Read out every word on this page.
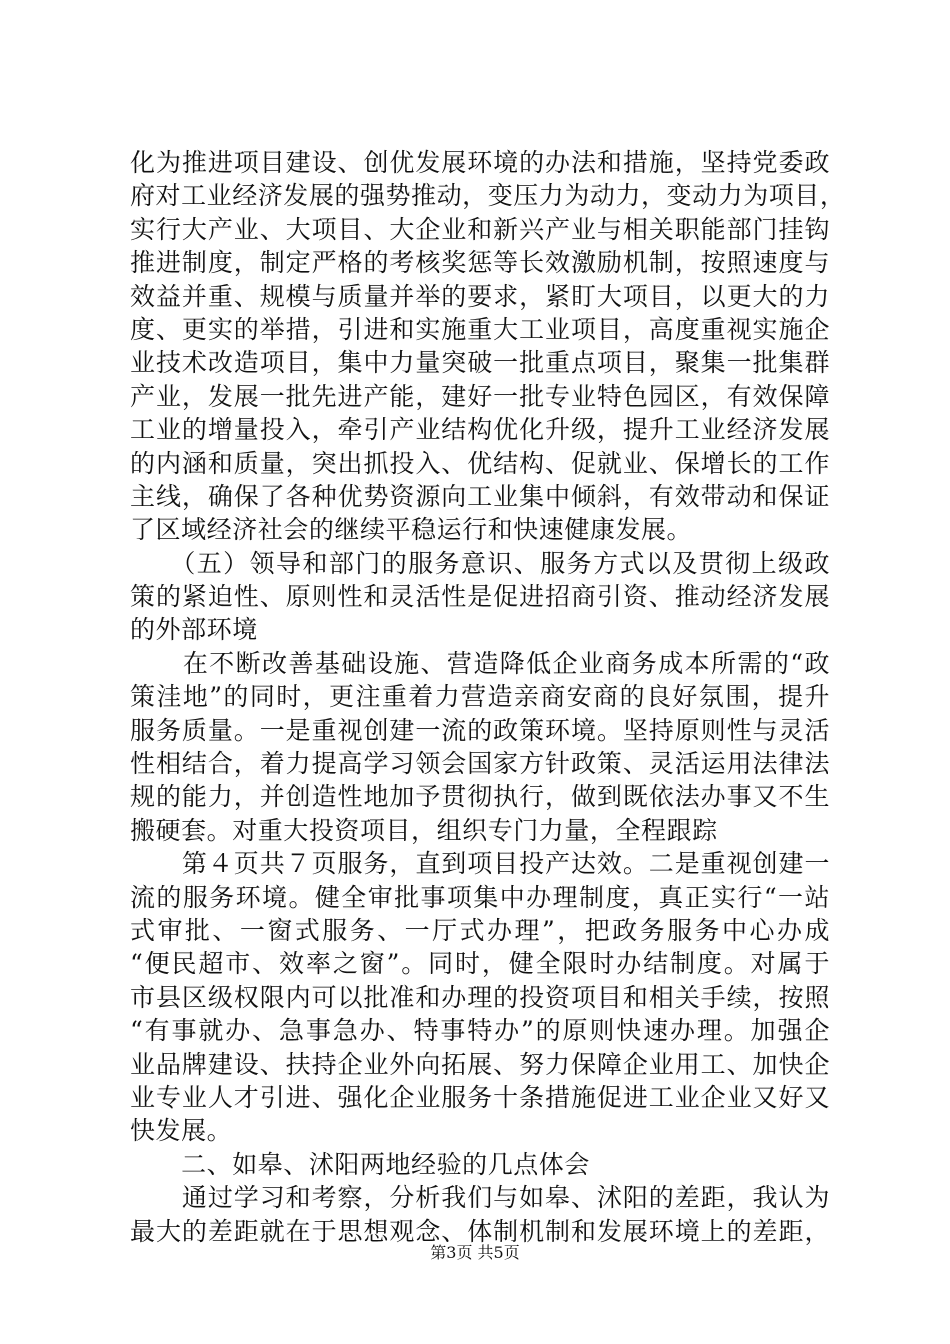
化为推进项目建设、创优发展环境的办法和措施，坚持党委政
府对工业经济发展的强势推动，变压力为动力，变动力为项目，
实行大产业、大项目、大企业和新兴产业与相关职能部门挂钩
推进制度，制定严格的考核奖惩等长效激励机制，按照速度与
效益并重、规模与质量并举的要求，紧盯大项目，以更大的力
度、更实的举措，引进和实施重大工业项目，高度重视实施企
业技术改造项目，集中力量突破一批重点项目，聚集一批集群
产业，发展一批先进产能，建好一批专业特色园区，有效保障
工业的增量投入，牵引产业结构优化升级，提升工业经济发展
的内涵和质量，突出抓投入、优结构、促就业、保增长的工作
主线，确保了各种优势资源向工业集中倾斜，有效带动和保证
了区域经济社会的继续平稳运行和快速健康发展。
　　（五）领导和部门的服务意识、服务方式以及贯彻上级政
策的紧迫性、原则性和灵活性是促进招商引资、推动经济发展
的外部环境
　　在不断改善基础设施、营造降低企业商务成本所需的“政
策洼地”的同时，更注重着力营造亲商安商的良好氛围，提升
服务质量。一是重视创建一流的政策环境。坚持原则性与灵活
性相结合，着力提高学习领会国家方针政策、灵活运用法律法
规的能力，并创造性地加予贯彻执行，做到既依法办事又不生
搬硬套。对重大投资项目，组织专门力量，全程跟踪
　　第４页共７页服务，直到项目投产达效。二是重视创建一
流的服务环境。健全审批事项集中办理制度，真正实行“一站
式审批、一窗式服务、一厅式办理”，把政务服务中心办成
“便民超市、效率之窗”。同时，健全限时办结制度。对属于
市县区级权限内可以批准和办理的投资项目和相关手续，按照
“有事就办、急事急办、特事特办”的原则快速办理。加强企
业品牌建设、扶持企业外向拓展、努力保障企业用工、加快企
业专业人才引进、强化企业服务十条措施促进工业企业又好又
快发展。
　　二、如皋、沭阳两地经验的几点体会
　　通过学习和考察，分析我们与如皋、沭阳的差距，我认为
最大的差距就在于思想观念、体制机制和发展环境上的差距，
第3页 共5页
